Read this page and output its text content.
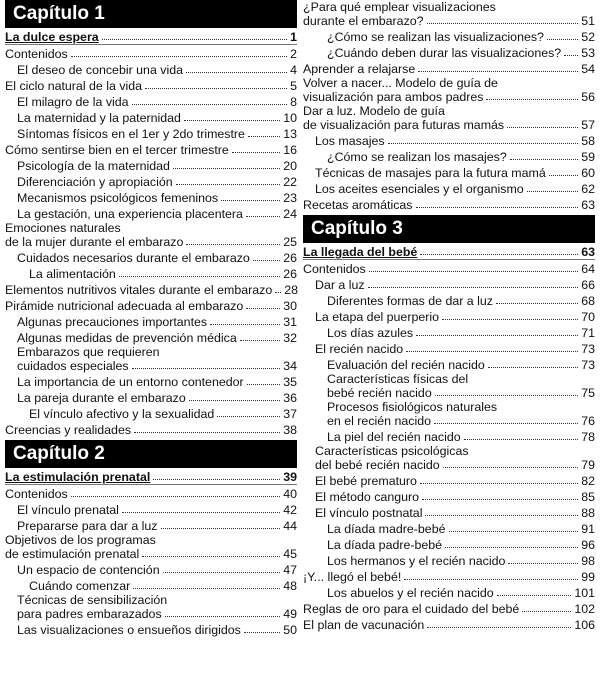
Capítulo 1
La dulce espera	1
Contenidos	2
El deseo de concebir una vida	4
El ciclo natural de la vida	5
El milagro de la vida	8
La maternidad y la paternidad	10
Síntomas físicos en el 1er y 2do trimestre	13
Cómo sentirse bien en el tercer trimestre	16
Psicología de la maternidad	20
Diferenciación y apropiación	22
Mecanismos psicológicos femeninos	23
La gestación, una experiencia placentera	24
Emociones naturales
de la mujer durante el embarazo	25
Cuidados necesarios durante el embarazo	26
La alimentación	26
Elementos nutritivos vitales durante el embarazo 28
Pirámide nutricional adecuada al embarazo	30
Algunas precauciones importantes	31
Algunas medidas de prevención médica	32
Embarazos que requieren
cuidados especiales	34
La importancia de un entorno contenedor	35
La pareja durante el embarazo	36
El vínculo afectivo y la sexualidad	37
Creencias y realidades	38
Capítulo 2
La estimulación prenatal	39
Contenidos	40
El vínculo prenatal	42
Prepararse para dar a luz	44
Objetivos de los programas
de estimulación prenatal	45
Un espacio de contención	47
Cuándo comenzar	48
Técnicas de sensibilización
para padres embarazados	49
Las visualizaciones o ensueños dirigidos	50
¿Para qué emplear visualizaciones
durante el embarazo?	51
¿Cómo se realizan las visualizaciones?	52
¿Cuándo deben durar las visualizaciones? 53
Aprender a relajarse	54
Volver a nacer... Modelo de guía de
visualización para ambos padres	56
Dar a luz. Modelo de guía
de visualización para futuras mamás	57
Los masajes	58
¿Cómo se realizan los masajes?	59
Técnicas de masajes para la futura mamá	60
Los aceites esenciales y el organismo	62
Recetas aromáticas	63
Capítulo 3
La llegada del bebé	63
Contenidos	64
Dar a luz	66
Diferentes formas de dar a luz	68
La etapa del puerperio	70
Los días azules	71
El recién nacido	73
Evaluación del recién nacido	73
Características físicas del
bebé recién nacido	75
Procesos fisiológicos naturales
en el recién nacido	76
La piel del recién nacido	78
Características psicológicas
del bebé recién nacido	79
El bebé prematuro	82
El método canguro	85
El vínculo postnatal	88
La díada madre-bebé	91
La díada padre-bebé	96
Los hermanos y el recién nacido	98
¡Y... llegó el bebé!	99
Los abuelos y el recién nacido	101
Reglas de oro para el cuidado del bebé	102
El plan de vacunación	106
